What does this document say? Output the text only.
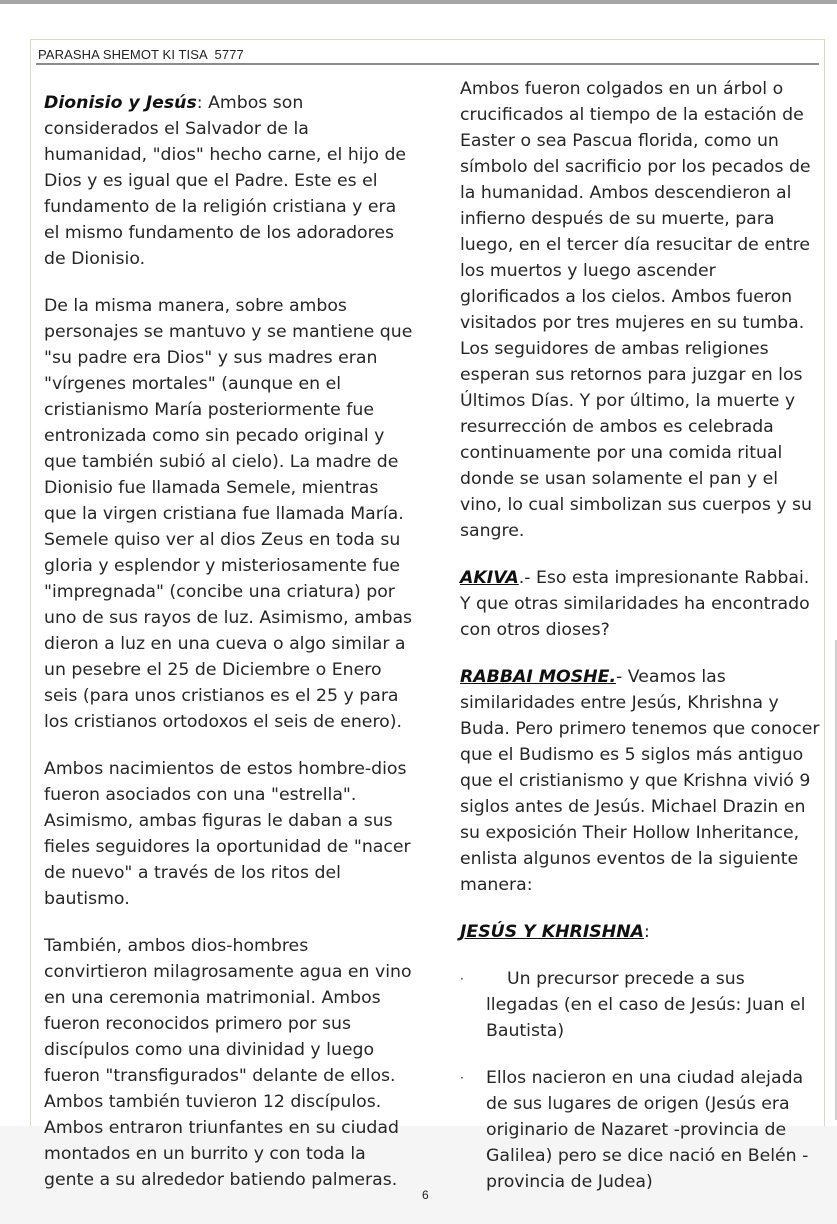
PARASHA SHEMOT KI TISA  5777

Dionisio y Jesús: Ambos son considerados el Salvador de la humanidad, "dios" hecho carne, el hijo de Dios y es igual que el Padre. Este es el fundamento de la religión cristiana y era el mismo fundamento de los adoradores de Dionisio.

De la misma manera, sobre ambos personajes se mantuvo y se mantiene que "su padre era Dios" y sus madres eran "vírgenes mortales" (aunque en el cristianismo María posteriormente fue entronizada como sin pecado original y que también subió al cielo). La madre de Dionisio fue llamada Semele, mientras que la virgen cristiana fue llamada María. Semele quiso ver al dios Zeus en toda su gloria y esplendor y misteriosamente fue "impregnada" (concibe una criatura) por uno de sus rayos de luz. Asimismo, ambas dieron a luz en una cueva o algo similar a un pesebre el 25 de Diciembre o Enero seis (para unos cristianos es el 25 y para los cristianos ortodoxos el seis de enero).

Ambos nacimientos de estos hombre-dios fueron asociados con una "estrella". Asimismo, ambas figuras le daban a sus fieles seguidores la oportunidad de "nacer de nuevo" a través de los ritos del bautismo.

También, ambos dios-hombres convirtieron milagrosamente agua en vino en una ceremonia matrimonial. Ambos fueron reconocidos primero por sus discípulos como una divinidad y luego fueron "transfigurados" delante de ellos. Ambos también tuvieron 12 discípulos. Ambos entraron triunfantes en su ciudad montados en un burrito y con toda la gente a su alrededor batiendo palmeras.

Ambos fueron colgados en un árbol o crucificados al tiempo de la estación de Easter o sea Pascua florida, como un símbolo del sacrificio por los pecados de la humanidad. Ambos descendieron al infierno después de su muerte, para luego, en el tercer día resucitar de entre los muertos y luego ascender glorificados a los cielos. Ambos fueron visitados por tres mujeres en su tumba. Los seguidores de ambas religiones esperan sus retornos para juzgar en los Últimos Días. Y por último, la muerte y resurrección de ambos es celebrada continuamente por una comida ritual donde se usan solamente el pan y el vino, lo cual simbolizan sus cuerpos y su sangre.

AKIVA.- Eso esta impresionante Rabbai. Y que otras similaridades ha encontrado con otros dioses?

RABBAI MOSHE.- Veamos las similaridades entre Jesús, Khrishna y Buda. Pero primero tenemos que conocer que el Budismo es 5 siglos más antiguo que el cristianismo y que Krishna vivió 9 siglos antes de Jesús. Michael Drazin en su exposición Their Hollow Inheritance, enlista algunos eventos de la siguiente manera:

JESÚS Y KHRISHNA:

· Un precursor precede a sus llegadas (en el caso de Jesús: Juan el Bautista)
· Ellos nacieron en una ciudad alejada de sus lugares de origen (Jesús era originario de Nazaret -provincia de Galilea) pero se dice nació en Belén - provincia de Judea)
6
